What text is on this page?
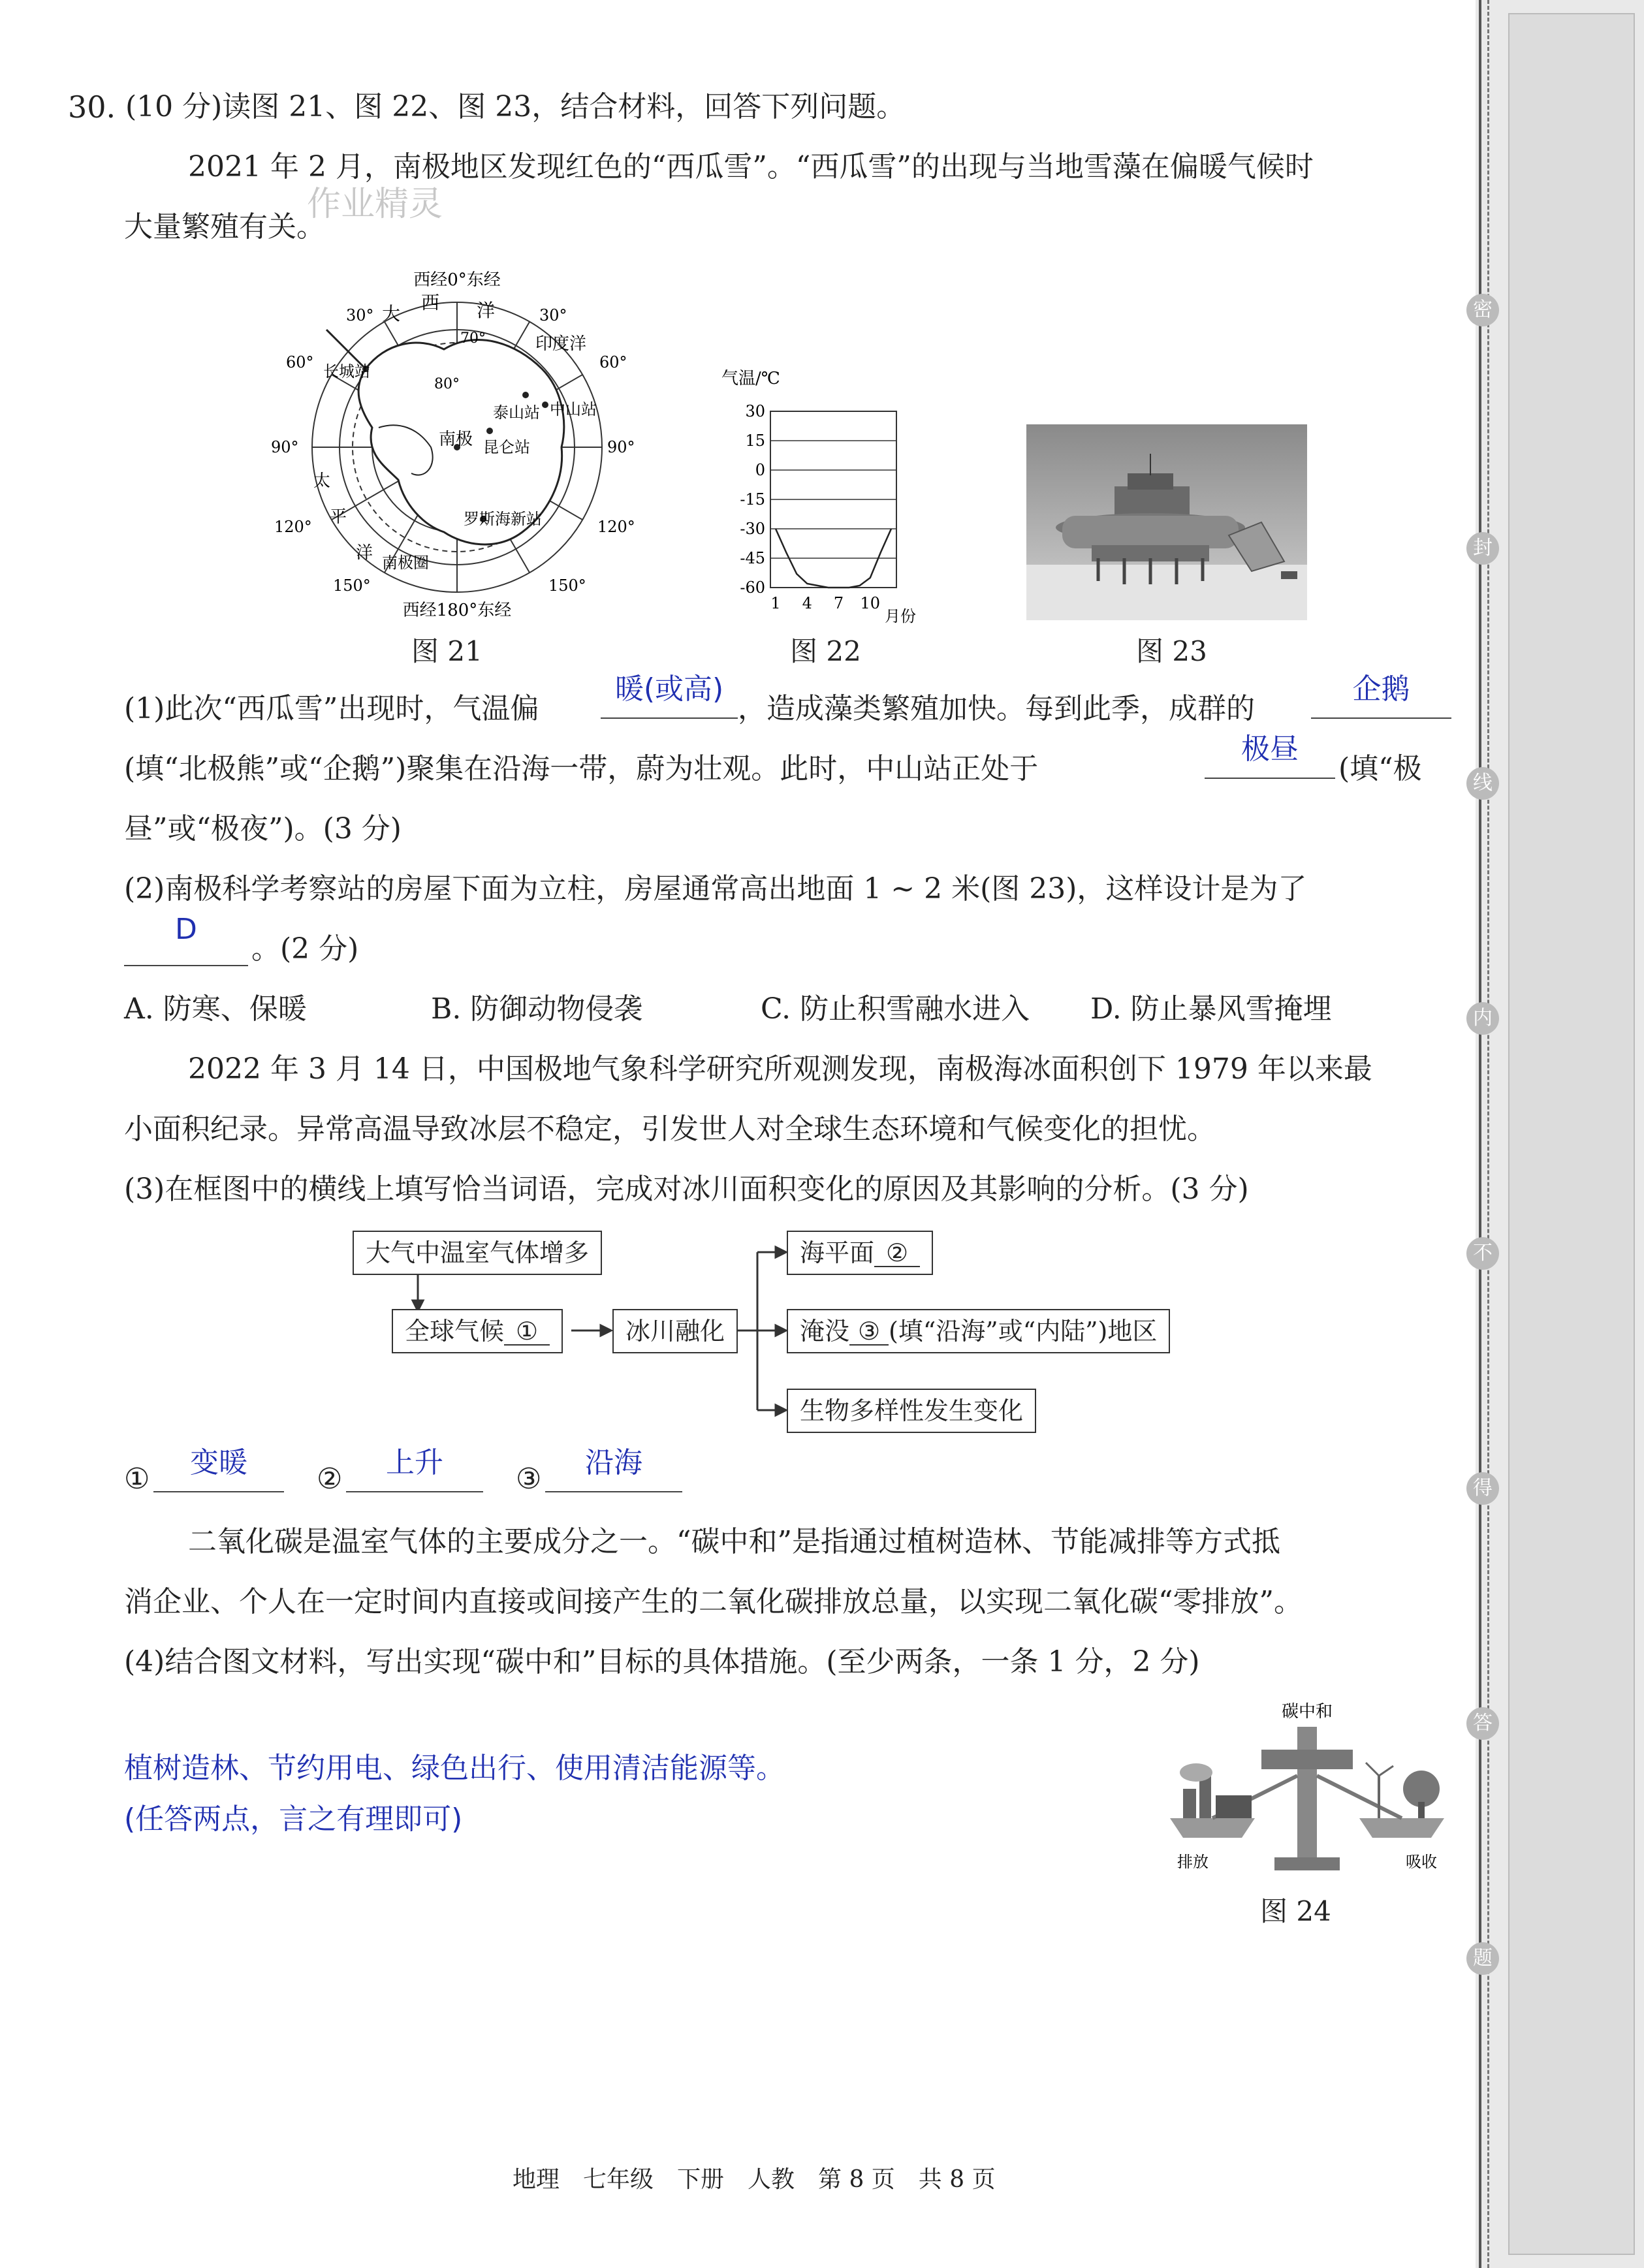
密
封
线
内
不
得
答
题
30. (10 分)读图 21、图 22、图 23，结合材料，回答下列问题。
2021 年 2 月，南极地区发现红色的“西瓜雪”。“西瓜雪”的出现与当地雪藻在偏暖气候时
大量繁殖有关。
作业精灵
西经0°东经
西经180°东经
70°
80°
30°	30°
60°	60°
90°	90°
120°	120°
150°	150°
大
西 洋
印度洋
太
平
洋
长城站
泰山站 中山站
昆仑站
罗斯海新站
南极
南极圈
图 21
气温/℃
30
15
0
-15
-30
-45
-60
1 4 7 10
月份
图 22	图 23
(1)此次“西瓜雪”出现时，气温偏
暖(或高)
，造成藻类繁殖加快。每到此季，成群的
企鹅
(填“北极熊”或“企鹅”)聚集在沿海一带，蔚为壮观。此时，中山站正处于
极昼
(填“极
昼”或“极夜”)。(3 分)
(2)南极科学考察站的房屋下面为立柱，房屋通常高出地面 1 ~ 2 米(图 23)，这样设计是为了
D
。(2 分)
A. 防寒、保暖	B. 防御动物侵袭	C. 防止积雪融水进入 D. 防止暴风雪掩埋
2022 年 3 月 14 日，中国极地气象科学研究所观测发现，南极海冰面积创下 1979 年以来最
小面积纪录。异常高温导致冰层不稳定，引发世人对全球生态环境和气候变化的担忧。
(3)在框图中的横线上填写恰当词语，完成对冰川面积变化的原因及其影响的分析。(3 分)
大气中温室气体增多
全球气候 ①	冰川融化
海平面 ②
淹没 ③ (填“沿海”或“内陆”)地区
生物多样性发生变化
①	变暖	②	上升	③	沿海
二氧化碳是温室气体的主要成分之一。“碳中和”是指通过植树造林、节能减排等方式抵
消企业、个人在一定时间内直接或间接产生的二氧化碳排放总量，以实现二氧化碳“零排放”。
(4)结合图文材料，写出实现“碳中和”目标的具体措施。(至少两条，一条 1 分，2 分)
植树造林、节约用电、绿色出行、使用清洁能源等。
(任答两点，言之有理即可)
碳中和
排放	吸收
图 24
地理　七年级　下册　人教　第 8 页　共 8 页
